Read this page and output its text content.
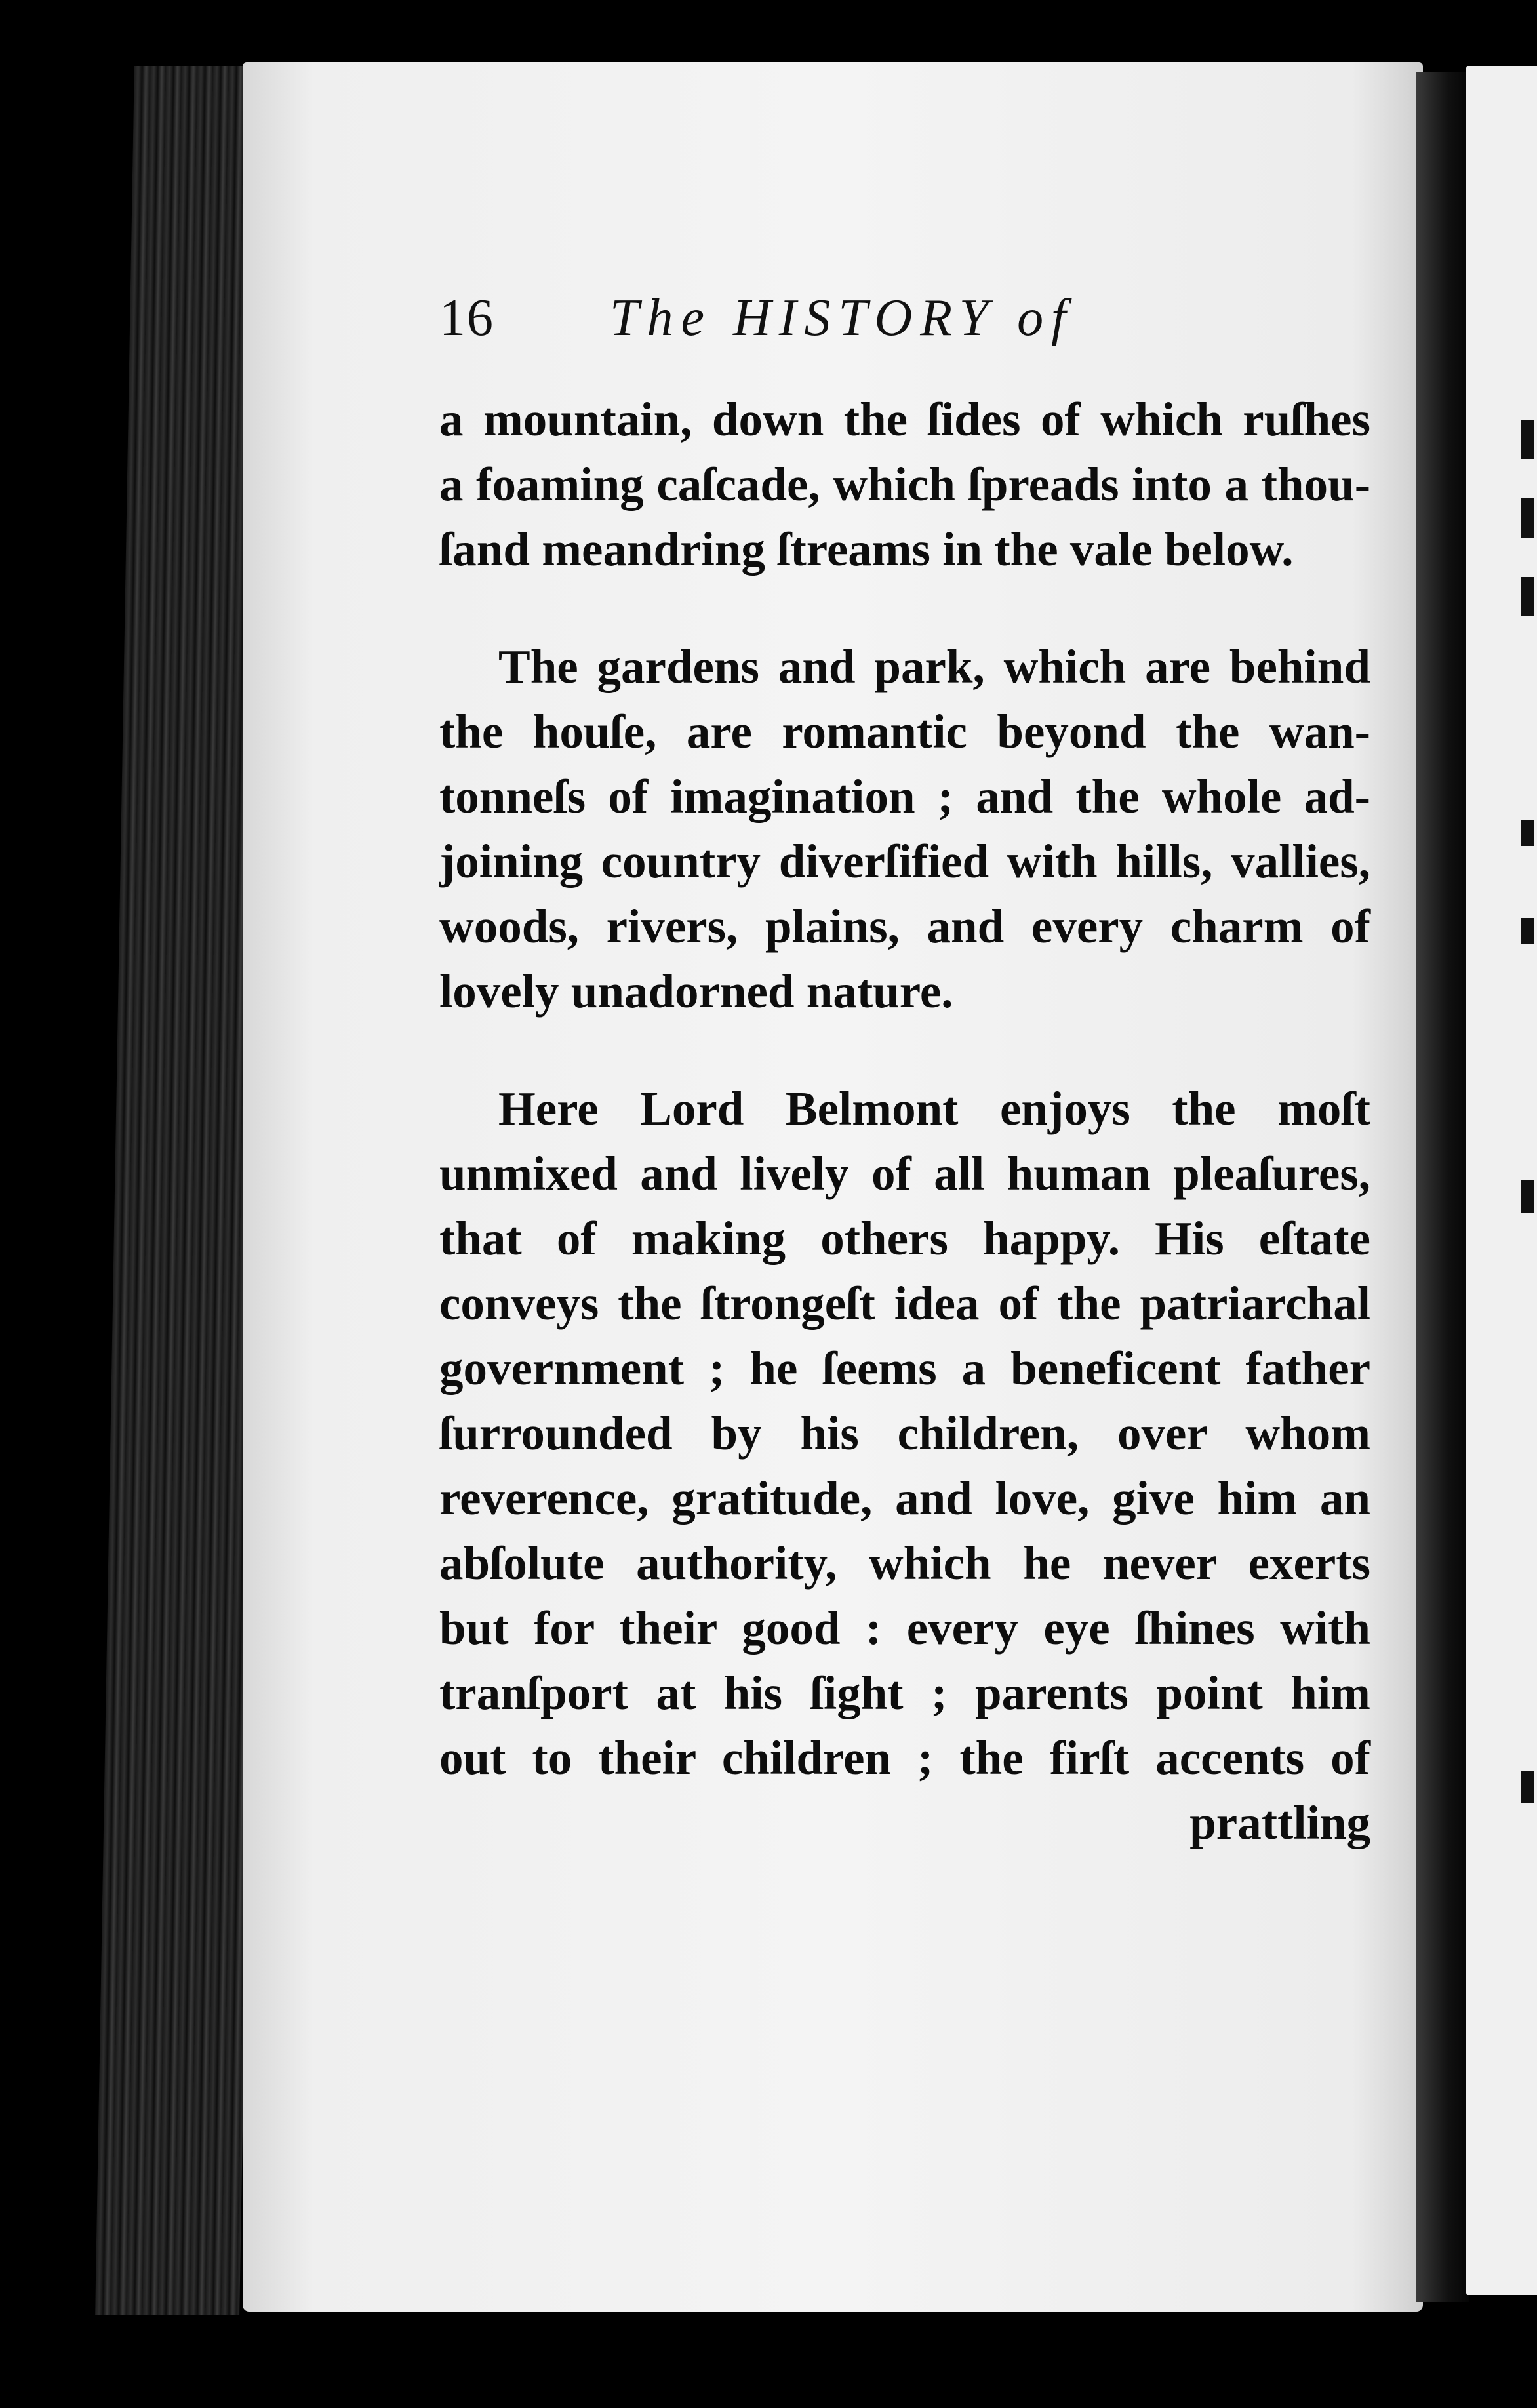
16 The HISTORY of
a mountain, down the ſides of which ruſhes
a foaming caſcade, which ſpreads into a thou-
ſand meandring ſtreams in the vale below.
The gardens and park, which are behind
the houſe, are romantic beyond the wan-
tonneſs of imagination ; and the whole ad-
joining country diverſified with hills, vallies,
woods, rivers, plains, and every charm of
lovely unadorned nature.
Here Lord Belmont enjoys the moſt
unmixed and lively of all human pleaſures,
that of making others happy. His eſtate
conveys the ſtrongeſt idea of the patriarchal
government ; he ſeems a beneficent father
ſurrounded by his children, over whom
reverence, gratitude, and love, give him an
abſolute authority, which he never exerts
but for their good : every eye ſhines with
tranſport at his ſight ; parents point him
out to their children ; the firſt accents of
prattling
